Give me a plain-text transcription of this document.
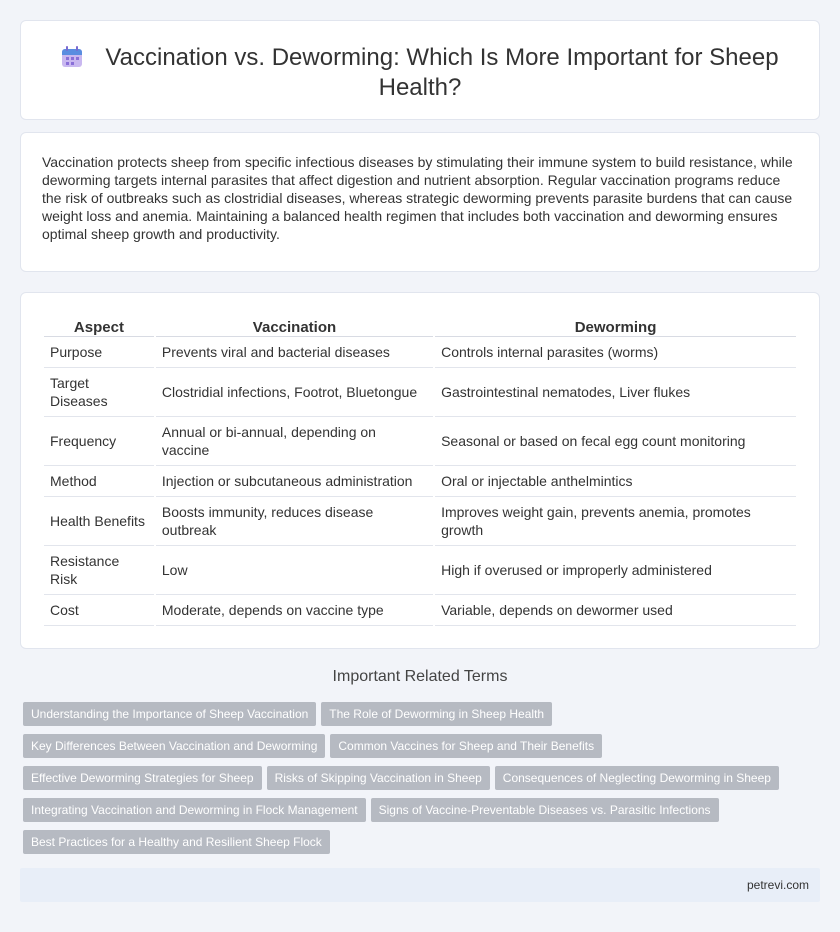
Vaccination vs. Deworming: Which Is More Important for Sheep Health?

Vaccination protects sheep from specific infectious diseases by stimulating their immune system to build resistance, while deworming targets internal parasites that affect digestion and nutrient absorption. Regular vaccination programs reduce the risk of outbreaks such as clostridial diseases, whereas strategic deworming prevents parasite burdens that can cause weight loss and anemia. Maintaining a balanced health regimen that includes both vaccination and deworming ensures optimal sheep growth and productivity.

Aspect	Vaccination	Deworming
Purpose	Prevents viral and bacterial diseases	Controls internal parasites (worms)
Target Diseases	Clostridial infections, Footrot, Bluetongue	Gastrointestinal nematodes, Liver flukes
Frequency	Annual or bi-annual, depending on vaccine	Seasonal or based on fecal egg count monitoring
Method	Injection or subcutaneous administration	Oral or injectable anthelmintics
Health Benefits	Boosts immunity, reduces disease outbreak	Improves weight gain, prevents anemia, promotes growth
Resistance Risk	Low	High if overused or improperly administered
Cost	Moderate, depends on vaccine type	Variable, depends on dewormer used
Important Related Terms
Understanding the Importance of Sheep Vaccination The Role of Deworming in Sheep Health
Key Differences Between Vaccination and Deworming Common Vaccines for Sheep and Their Benefits
Effective Deworming Strategies for Sheep Risks of Skipping Vaccination in Sheep Consequences of Neglecting Deworming in Sheep
Integrating Vaccination and Deworming in Flock Management Signs of Vaccine-Preventable Diseases vs. Parasitic Infections
Best Practices for a Healthy and Resilient Sheep Flock
petrevi.com
